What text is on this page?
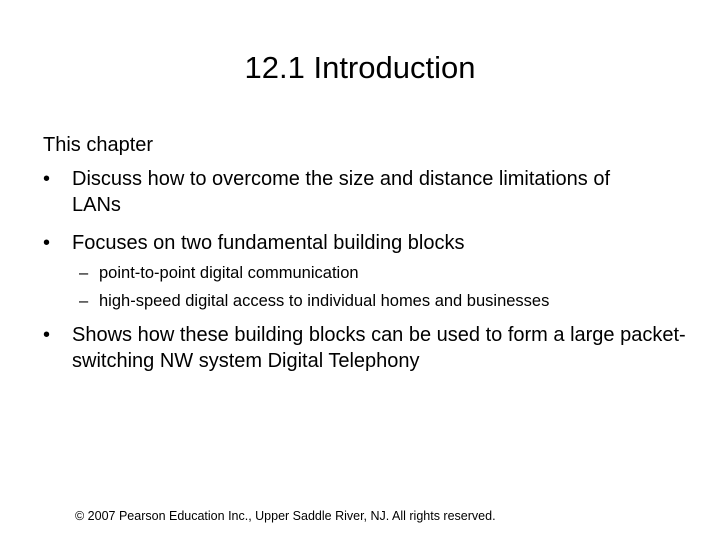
12.1 Introduction
This chapter
•	Discuss how to overcome the size and distance limitations of LANs
•	Focuses on two fundamental building blocks
– point-to-point digital communication
– high-speed digital access to individual homes and businesses
•	Shows how these building blocks can be used to form a large packet-switching NW system Digital Telephony
© 2007 Pearson Education Inc., Upper Saddle River, NJ. All rights reserved.
